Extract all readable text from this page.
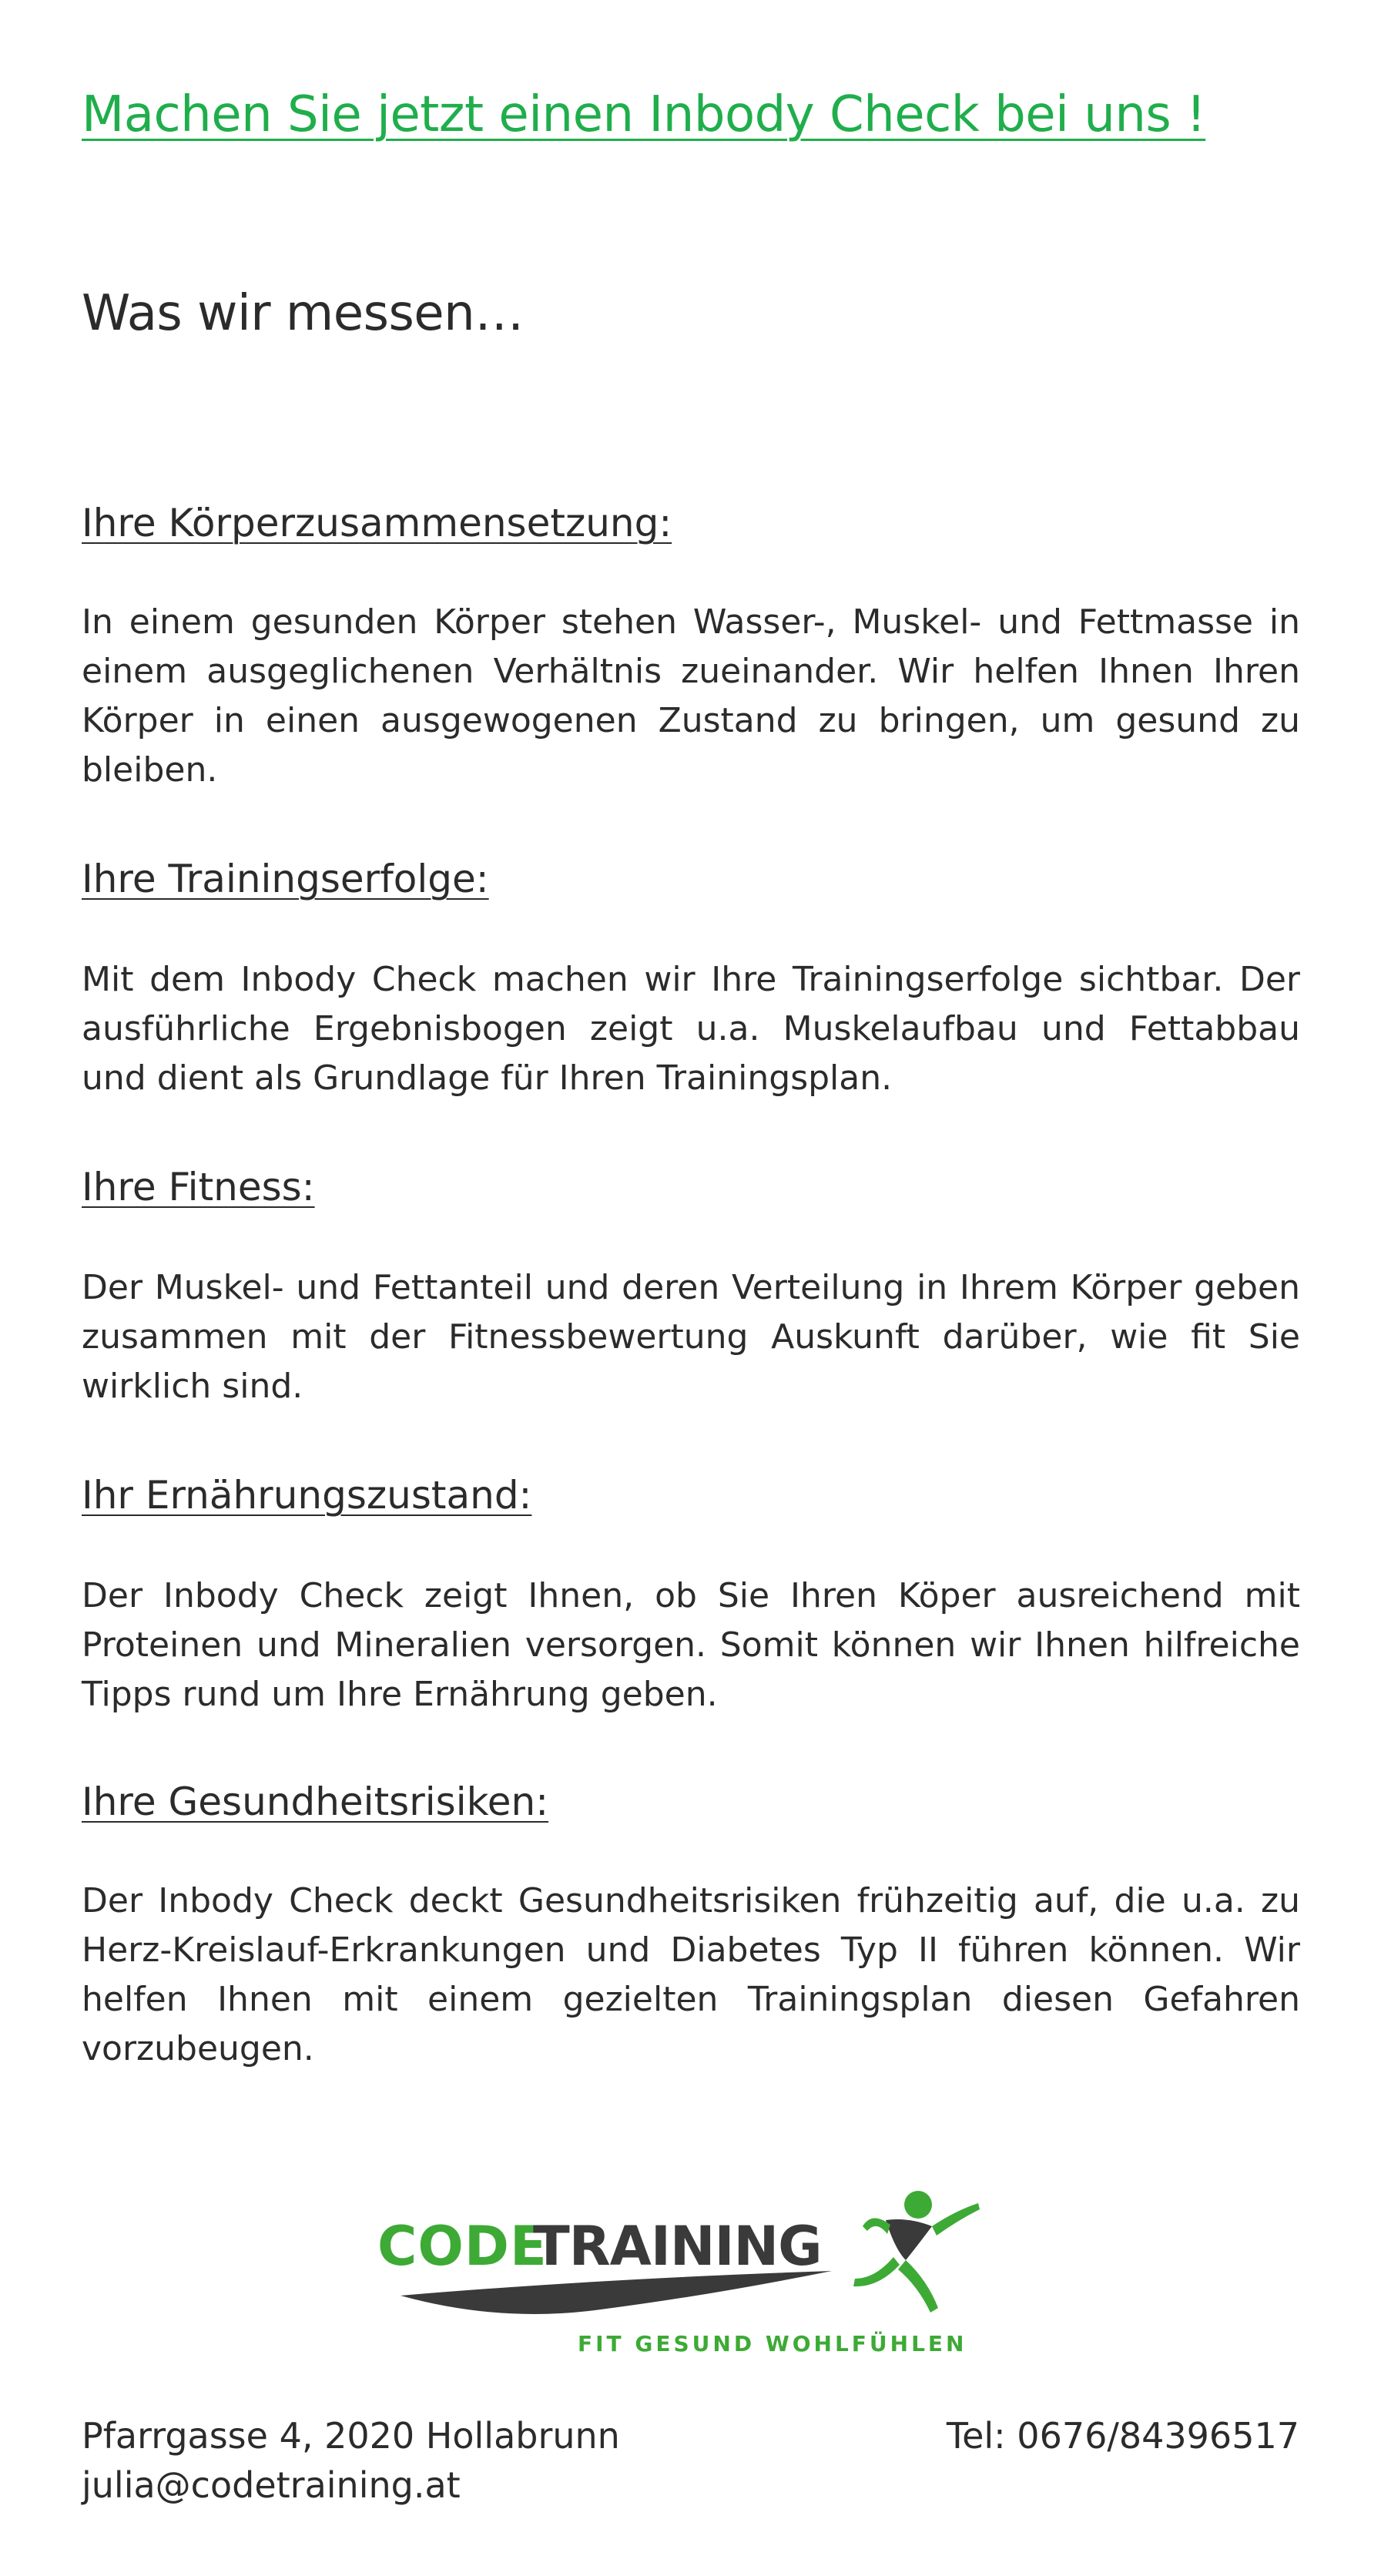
Machen Sie jetzt einen Inbody Check bei uns !
Was wir messen…
Ihre Körperzusammensetzung:

In einem gesunden Körper stehen Wasser-, Muskel- und Fettmasse in einem ausgeglichenen Verhältnis zueinander. Wir helfen Ihnen Ihren Körper in einen ausgewogenen Zustand zu bringen, um gesund zu bleiben.

Ihre Trainingserfolge:

Mit dem Inbody Check machen wir Ihre Trainingserfolge sichtbar. Der ausführliche Ergebnisbogen zeigt u.a. Muskelaufbau und Fettabbau und dient als Grundlage für Ihren Trainingsplan.

Ihre Fitness:

Der Muskel- und Fettanteil und deren Verteilung in Ihrem Körper geben zusammen mit der Fitnessbewertung Auskunft darüber, wie fit Sie wirklich sind.

Ihr Ernährungszustand:

Der Inbody Check zeigt Ihnen, ob Sie Ihren Köper ausreichend mit Proteinen und Mineralien versorgen. Somit können wir Ihnen hilfreiche Tipps rund um Ihre Ernährung geben.

Ihre Gesundheitsrisiken:

Der Inbody Check deckt Gesundheitsrisiken frühzeitig auf, die u.a. zu Herz-Kreislauf-Erkrankungen und Diabetes Typ II führen können. Wir helfen Ihnen mit einem gezielten Trainingsplan diesen Gefahren vorzubeugen.

CODE
TRAINING
FIT GESUND WOHLFÜHLEN
Pfarrgasse 4, 2020 Hollabrunn
julia@codetraining.at
Tel: 0676/84396517
